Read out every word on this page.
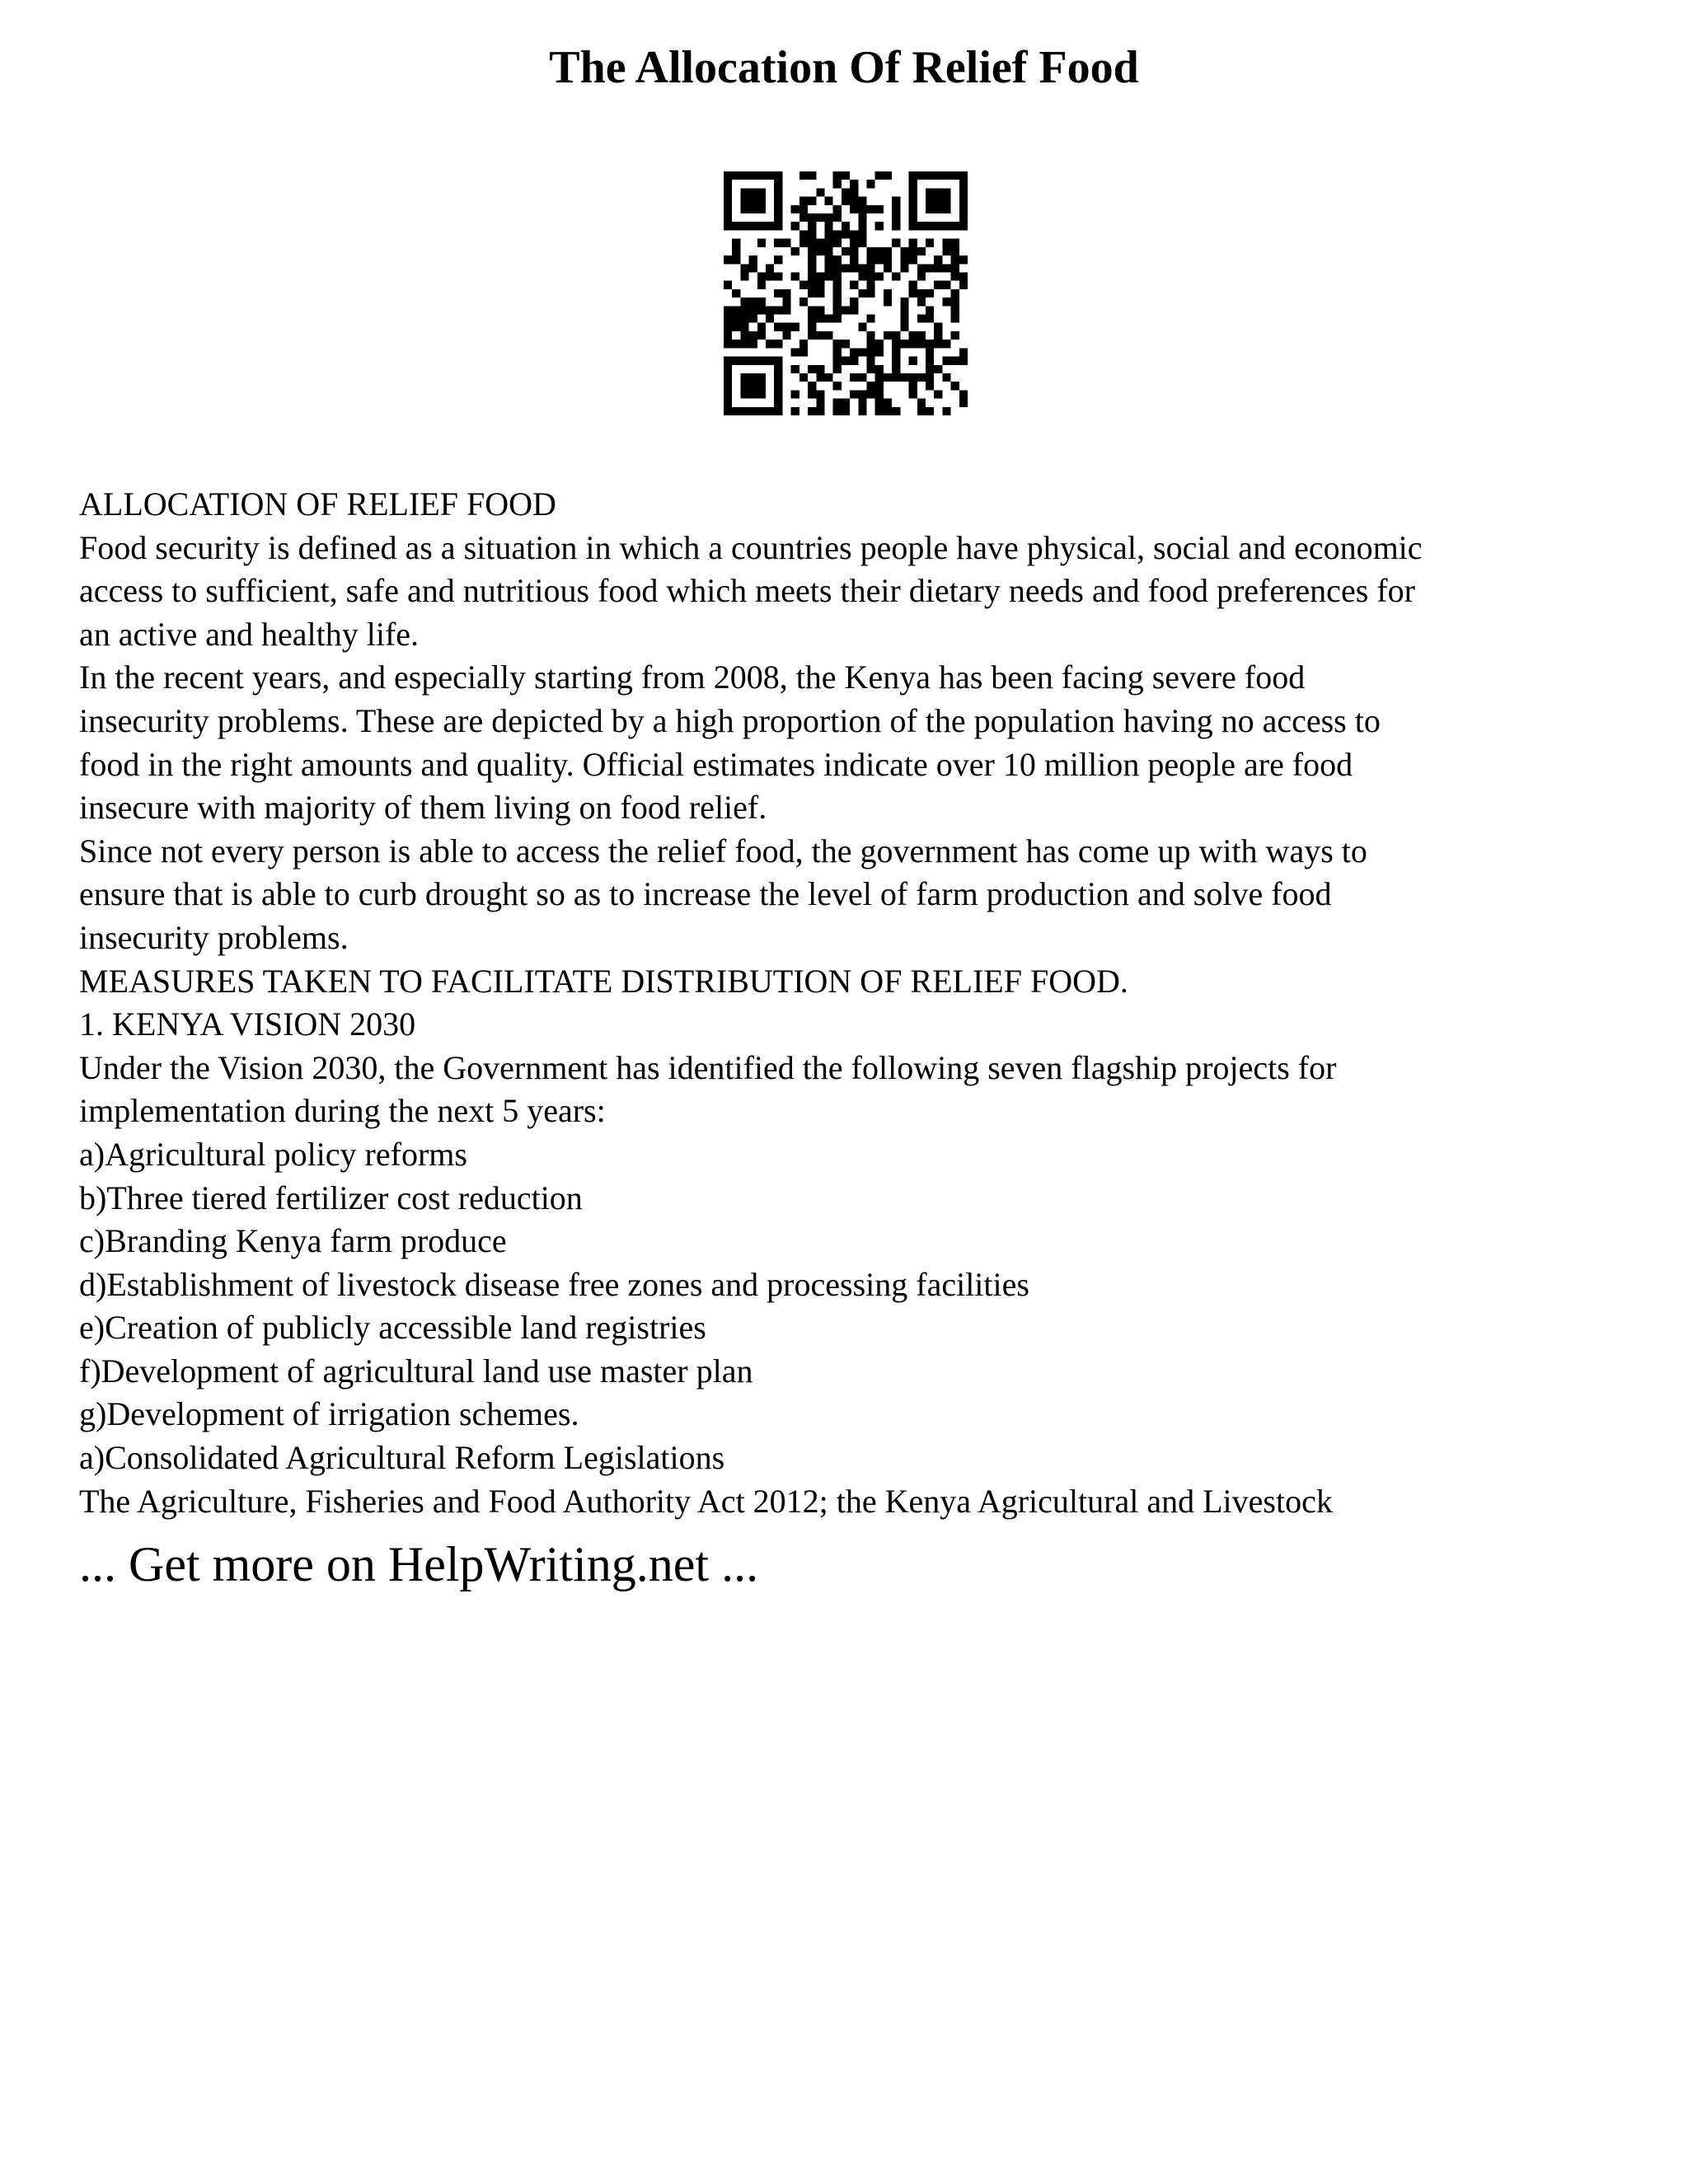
The Allocation Of Relief Food
ALLOCATION OF RELIEF FOOD
Food security is defined as a situation in which a countries people have physical, social and economic
access to sufficient, safe and nutritious food which meets their dietary needs and food preferences for
an active and healthy life.
In the recent years, and especially starting from 2008, the Kenya has been facing severe food
insecurity problems. These are depicted by a high proportion of the population having no access to
food in the right amounts and quality. Official estimates indicate over 10 million people are food
insecure with majority of them living on food relief.
Since not every person is able to access the relief food, the government has come up with ways to
ensure that is able to curb drought so as to increase the level of farm production and solve food
insecurity problems.
MEASURES TAKEN TO FACILITATE DISTRIBUTION OF RELIEF FOOD.
1. KENYA VISION 2030
Under the Vision 2030, the Government has identified the following seven flagship projects for
implementation during the next 5 years:
a)Agricultural policy reforms
b)Three tiered fertilizer cost reduction
c)Branding Kenya farm produce
d)Establishment of livestock disease free zones and processing facilities
e)Creation of publicly accessible land registries
f)Development of agricultural land use master plan
g)Development of irrigation schemes.
a)Consolidated Agricultural Reform Legislations
The Agriculture, Fisheries and Food Authority Act 2012; the Kenya Agricultural and Livestock
... Get more on HelpWriting.net ...
